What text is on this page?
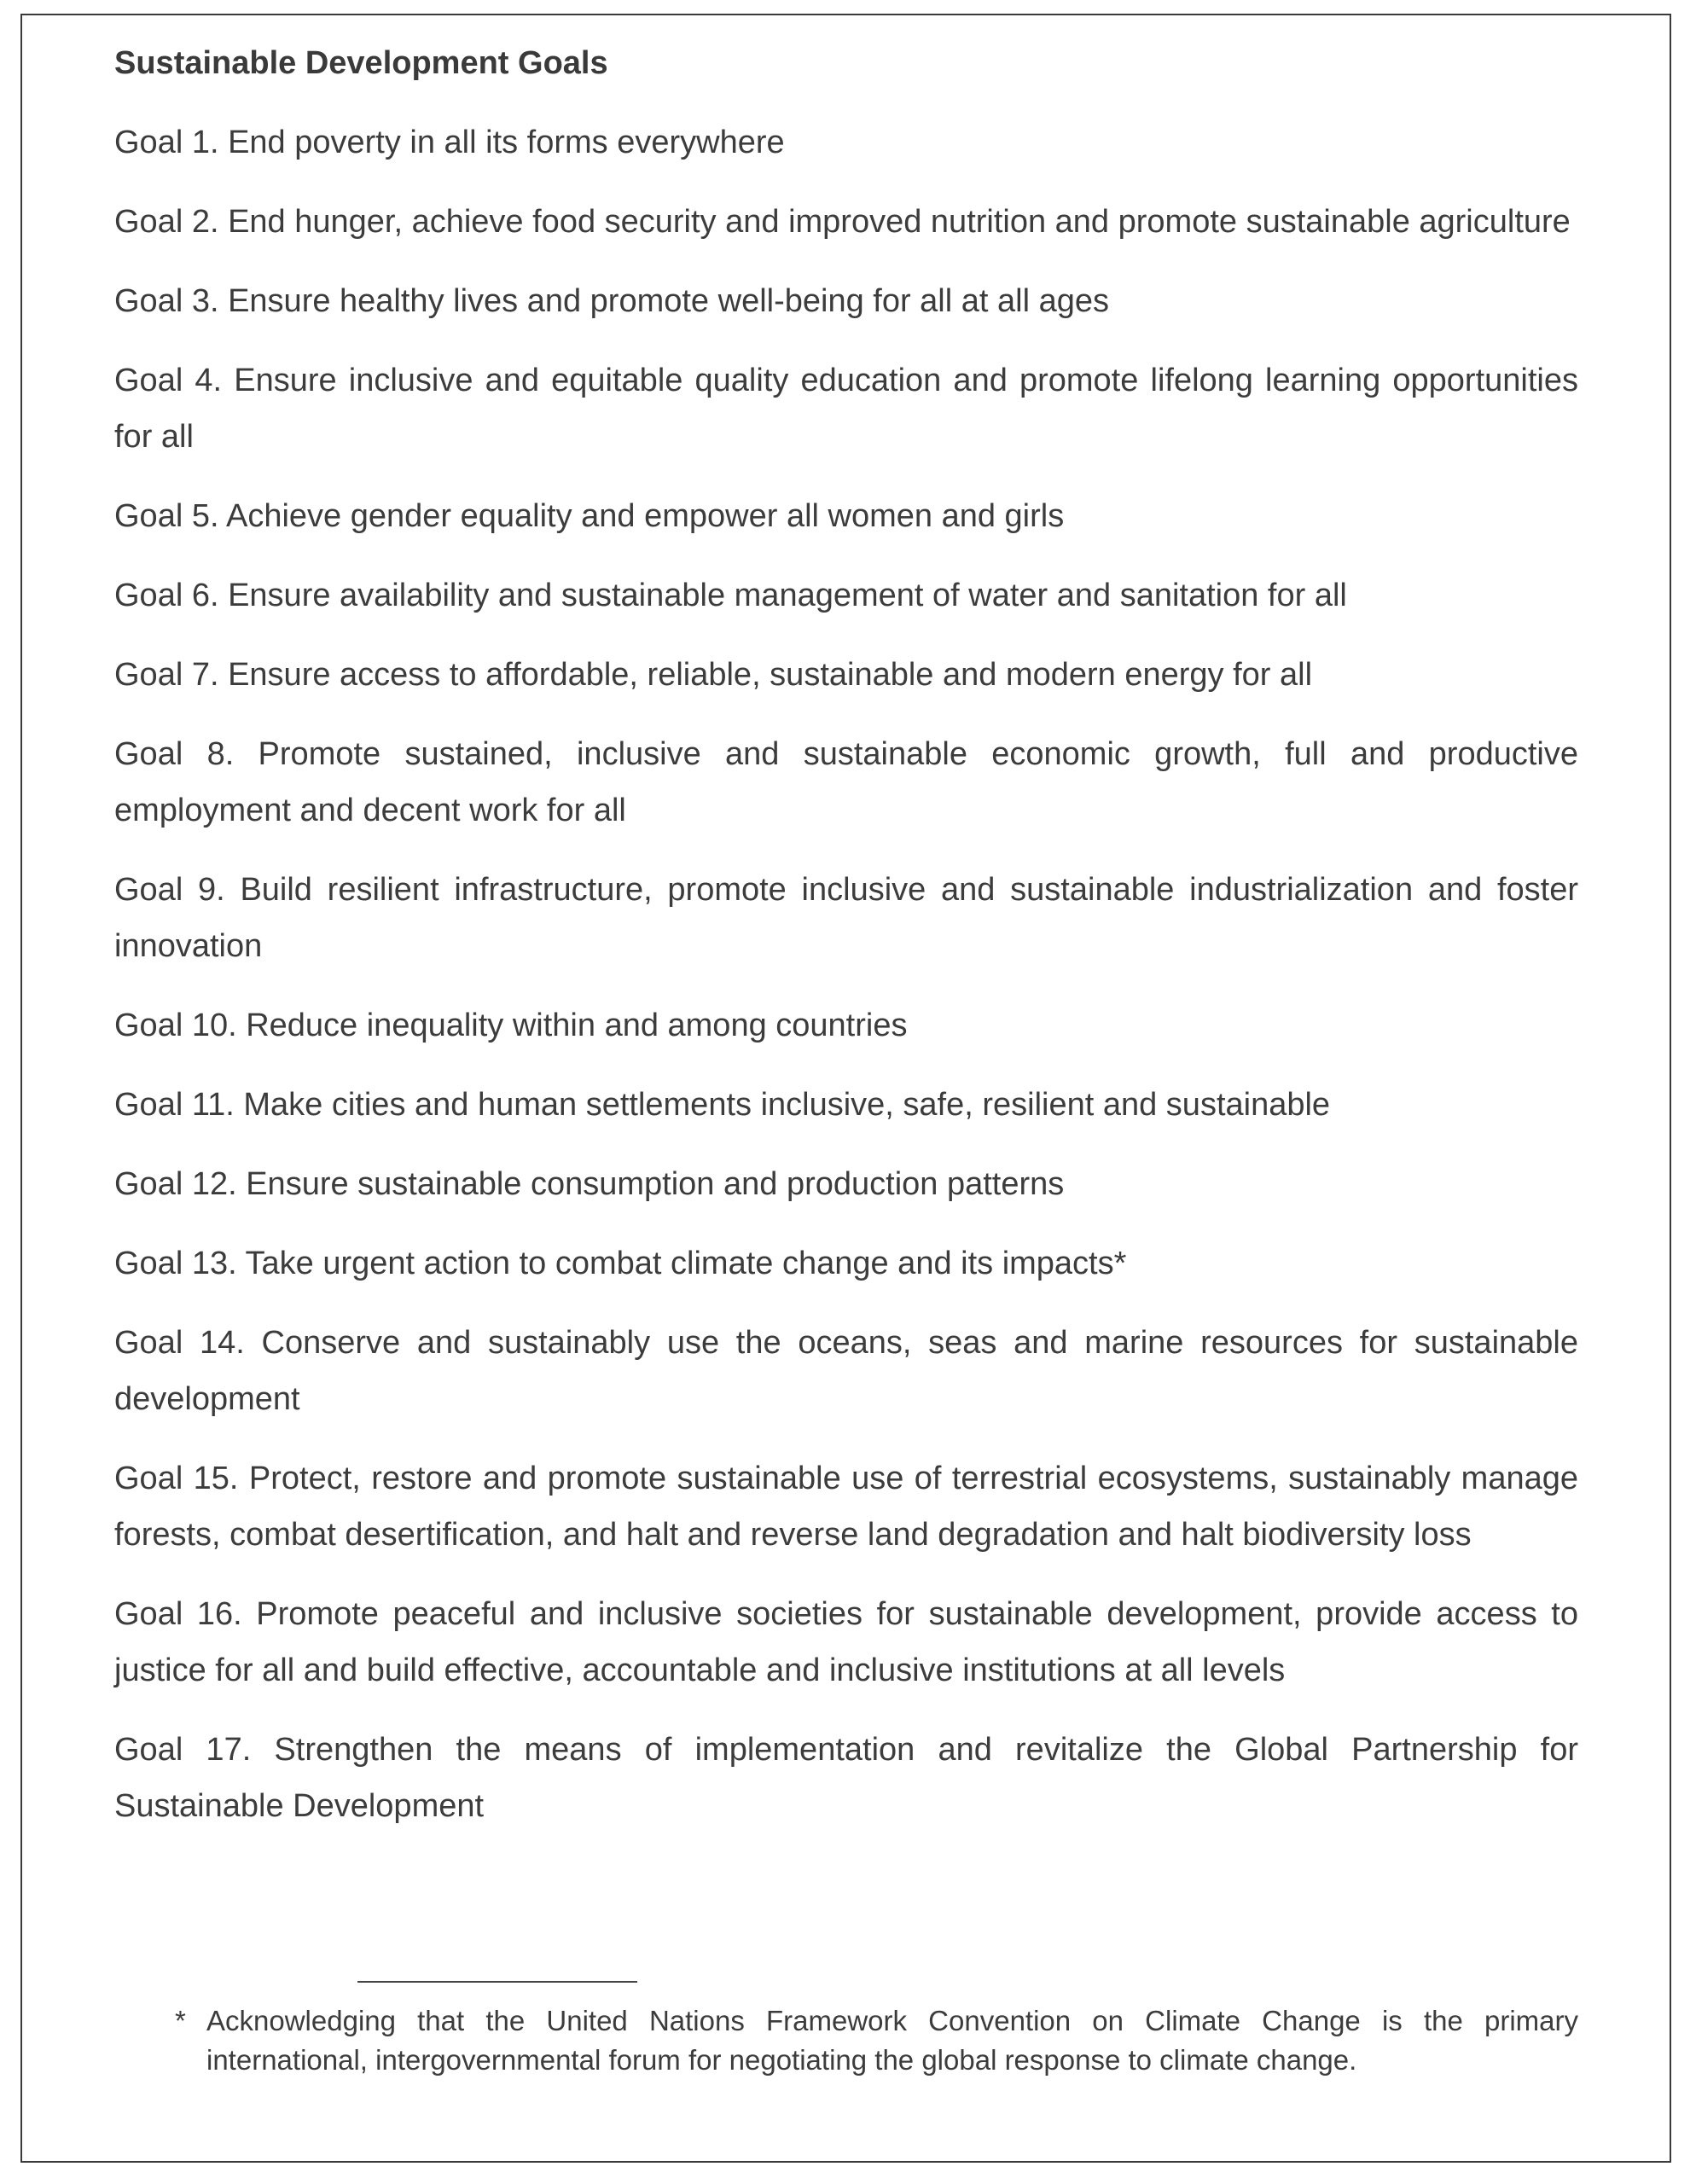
Sustainable Development Goals
Goal 1. End poverty in all its forms everywhere
Goal 2. End hunger, achieve food security and improved nutrition and promote sustainable agriculture
Goal 3. Ensure healthy lives and promote well-being for all at all ages
Goal 4. Ensure inclusive and equitable quality education and promote lifelong learning opportunities for all
Goal 5. Achieve gender equality and empower all women and girls
Goal 6. Ensure availability and sustainable management of water and sanitation for all
Goal 7. Ensure access to affordable, reliable, sustainable and modern energy for all
Goal 8. Promote sustained, inclusive and sustainable economic growth, full and productive employment and decent work for all
Goal 9. Build resilient infrastructure, promote inclusive and sustainable industrialization and foster innovation
Goal 10. Reduce inequality within and among countries
Goal 11. Make cities and human settlements inclusive, safe, resilient and sustainable
Goal 12. Ensure sustainable consumption and production patterns
Goal 13. Take urgent action to combat climate change and its impacts*
Goal 14. Conserve and sustainably use the oceans, seas and marine resources for sustainable development
Goal 15. Protect, restore and promote sustainable use of terrestrial ecosystems, sustainably manage forests, combat desertification, and halt and reverse land degradation and halt biodiversity loss
Goal 16. Promote peaceful and inclusive societies for sustainable development, provide access to justice for all and build effective, accountable and inclusive institutions at all levels
Goal 17. Strengthen the means of implementation and revitalize the Global Partnership for Sustainable Development
* Acknowledging that the United Nations Framework Convention on Climate Change is the primary international, intergovernmental forum for negotiating the global response to climate change.
